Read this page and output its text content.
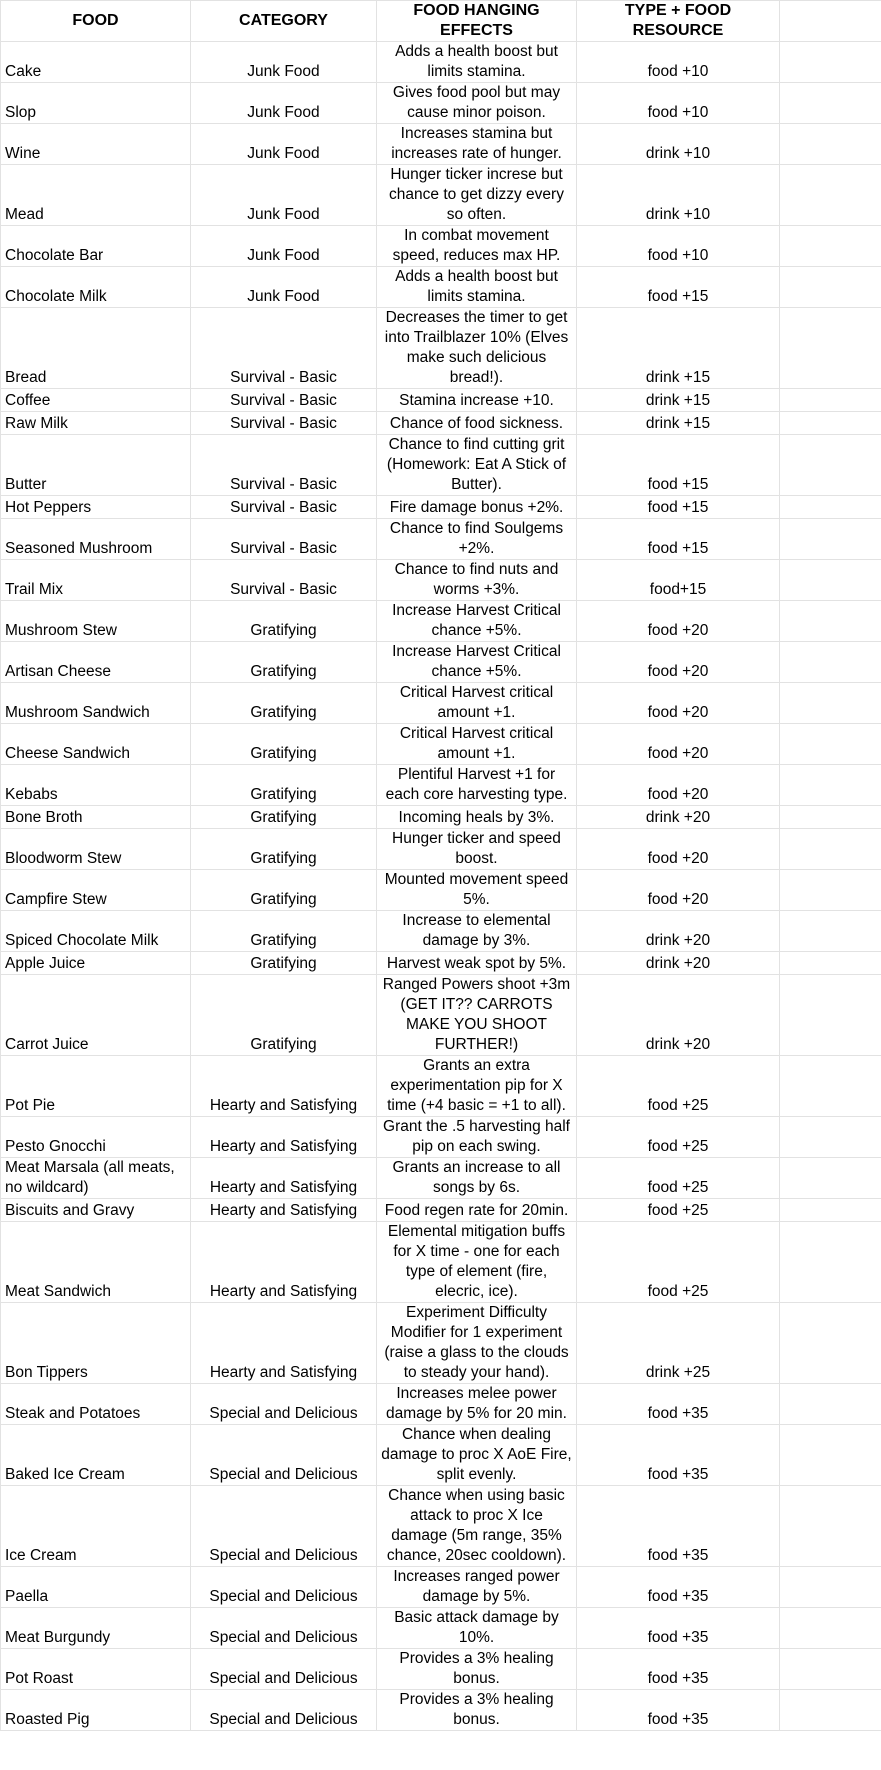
FOOD	CATEGORY	FOOD HANGING EFFECTS	TYPE + FOOD RESOURCE	
Cake	Junk Food	Adds a health boost but limits stamina.	food +10	
Slop	Junk Food	Gives food pool but may cause minor poison.	food +10	
Wine	Junk Food	Increases stamina but increases rate of hunger.	drink +10	
Mead	Junk Food	Hunger ticker increse but chance to get dizzy every so often.	drink +10	
Chocolate Bar	Junk Food	In combat movement speed, reduces max HP.	food +10	
Chocolate Milk	Junk Food	Adds a health boost but limits stamina.	food +15	
Bread	Survival - Basic	Decreases the timer to get into Trailblazer 10% (Elves make such delicious bread!).	drink +15	
Coffee	Survival - Basic	Stamina increase +10.	drink +15	
Raw Milk	Survival - Basic	Chance of food sickness.	drink +15	
Butter	Survival - Basic	Chance to find cutting grit (Homework: Eat A Stick of Butter).	food +15	
Hot Peppers	Survival - Basic	Fire damage bonus +2%.	food +15	
Seasoned Mushroom	Survival - Basic	Chance to find Soulgems +2%.	food +15	
Trail Mix	Survival - Basic	Chance to find nuts and worms +3%.	food+15	
Mushroom Stew	Gratifying	Increase Harvest Critical chance +5%.	food +20	
Artisan Cheese	Gratifying	Increase Harvest Critical chance +5%.	food +20	
Mushroom Sandwich	Gratifying	Critical Harvest critical amount +1.	food +20	
Cheese Sandwich	Gratifying	Critical Harvest critical amount +1.	food +20	
Kebabs	Gratifying	Plentiful Harvest +1 for each core harvesting type.	food +20	
Bone Broth	Gratifying	Incoming heals by 3%.	drink +20	
Bloodworm Stew	Gratifying	Hunger ticker and speed boost.	food +20	
Campfire Stew	Gratifying	Mounted movement speed 5%.	food +20	
Spiced Chocolate Milk	Gratifying	Increase to elemental damage by 3%.	drink +20	
Apple Juice	Gratifying	Harvest weak spot by 5%.	drink +20	
Carrot Juice	Gratifying	Ranged Powers shoot +3m (GET IT?? CARROTS MAKE YOU SHOOT FURTHER!)	drink +20	
Pot Pie	Hearty and Satisfying	Grants an extra experimentation pip for X time (+4 basic = +1 to all).	food +25	
Pesto Gnocchi	Hearty and Satisfying	Grant the .5 harvesting half pip on each swing.	food +25	
Meat Marsala (all meats, no wildcard)	Hearty and Satisfying	Grants an increase to all songs by 6s.	food +25	
Biscuits and Gravy	Hearty and Satisfying	Food regen rate for 20min.	food +25	
Meat Sandwich	Hearty and Satisfying	Elemental mitigation buffs for X time - one for each type of element (fire, elecric, ice).	food +25	
Bon Tippers	Hearty and Satisfying	Experiment Difficulty Modifier for 1 experiment (raise a glass to the clouds to steady your hand).	drink +25	
Steak and Potatoes	Special and Delicious	Increases melee power damage by 5% for 20 min.	food +35	
Baked Ice Cream	Special and Delicious	Chance when dealing damage to proc X AoE Fire, split evenly.	food +35	
Ice Cream	Special and Delicious	Chance when using basic attack to proc X Ice damage (5m range, 35% chance, 20sec cooldown).	food +35	
Paella	Special and Delicious	Increases ranged power damage by 5%.	food +35	
Meat Burgundy	Special and Delicious	Basic attack damage by 10%.	food +35	
Pot Roast	Special and Delicious	Provides a 3% healing bonus.	food +35	
Roasted Pig	Special and Delicious	Provides a 3% healing bonus.	food +35	
